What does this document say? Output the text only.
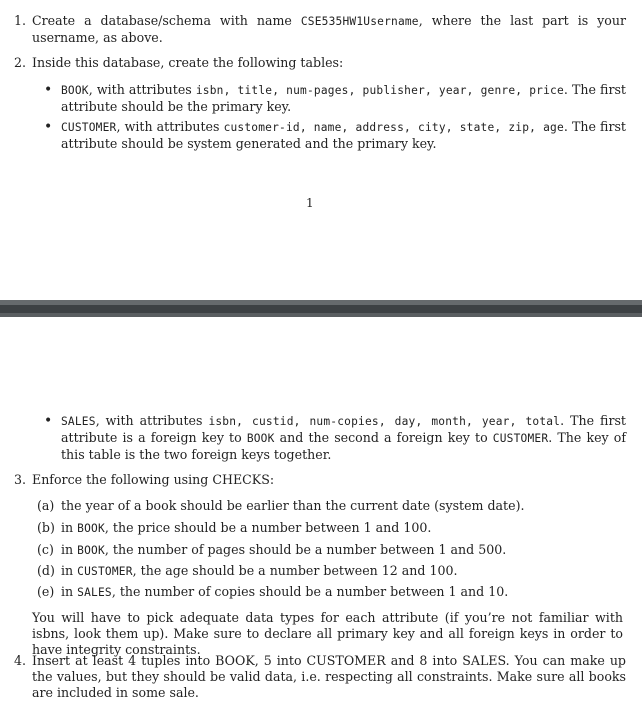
1. Create a database/schema with name CSE535HW1Username, where the last part is your username, as above.
2. Inside this database, create the following tables:
• BOOK, with attributes isbn, title, num-pages, publisher, year, genre, price. The first attribute should be the primary key.
• CUSTOMER, with attributes customer-id, name, address, city, state, zip, age. The first attribute should be system generated and the primary key.
1
• SALES, with attributes isbn, custid, num-copies, day, month, year, total. The first attribute is a foreign key to BOOK and the second a foreign key to CUSTOMER. The key of this table is the two foreign keys together.
3. Enforce the following using CHECKS:
(a) the year of a book should be earlier than the current date (system date).
(b) in BOOK, the price should be a number between 1 and 100.
(c) in BOOK, the number of pages should be a number between 1 and 500.
(d) in CUSTOMER, the age should be a number between 12 and 100.
(e) in SALES, the number of copies should be a number between 1 and 10.
You will have to pick adequate data types for each attribute (if you’re not familiar with isbns, look them up). Make sure to declare all primary key and all foreign keys in order to have integrity constraints.
4. Insert at least 4 tuples into BOOK, 5 into CUSTOMER and 8 into SALES. You can make up the values, but they should be valid data, i.e. respecting all constraints. Make sure all books are included in some sale.
